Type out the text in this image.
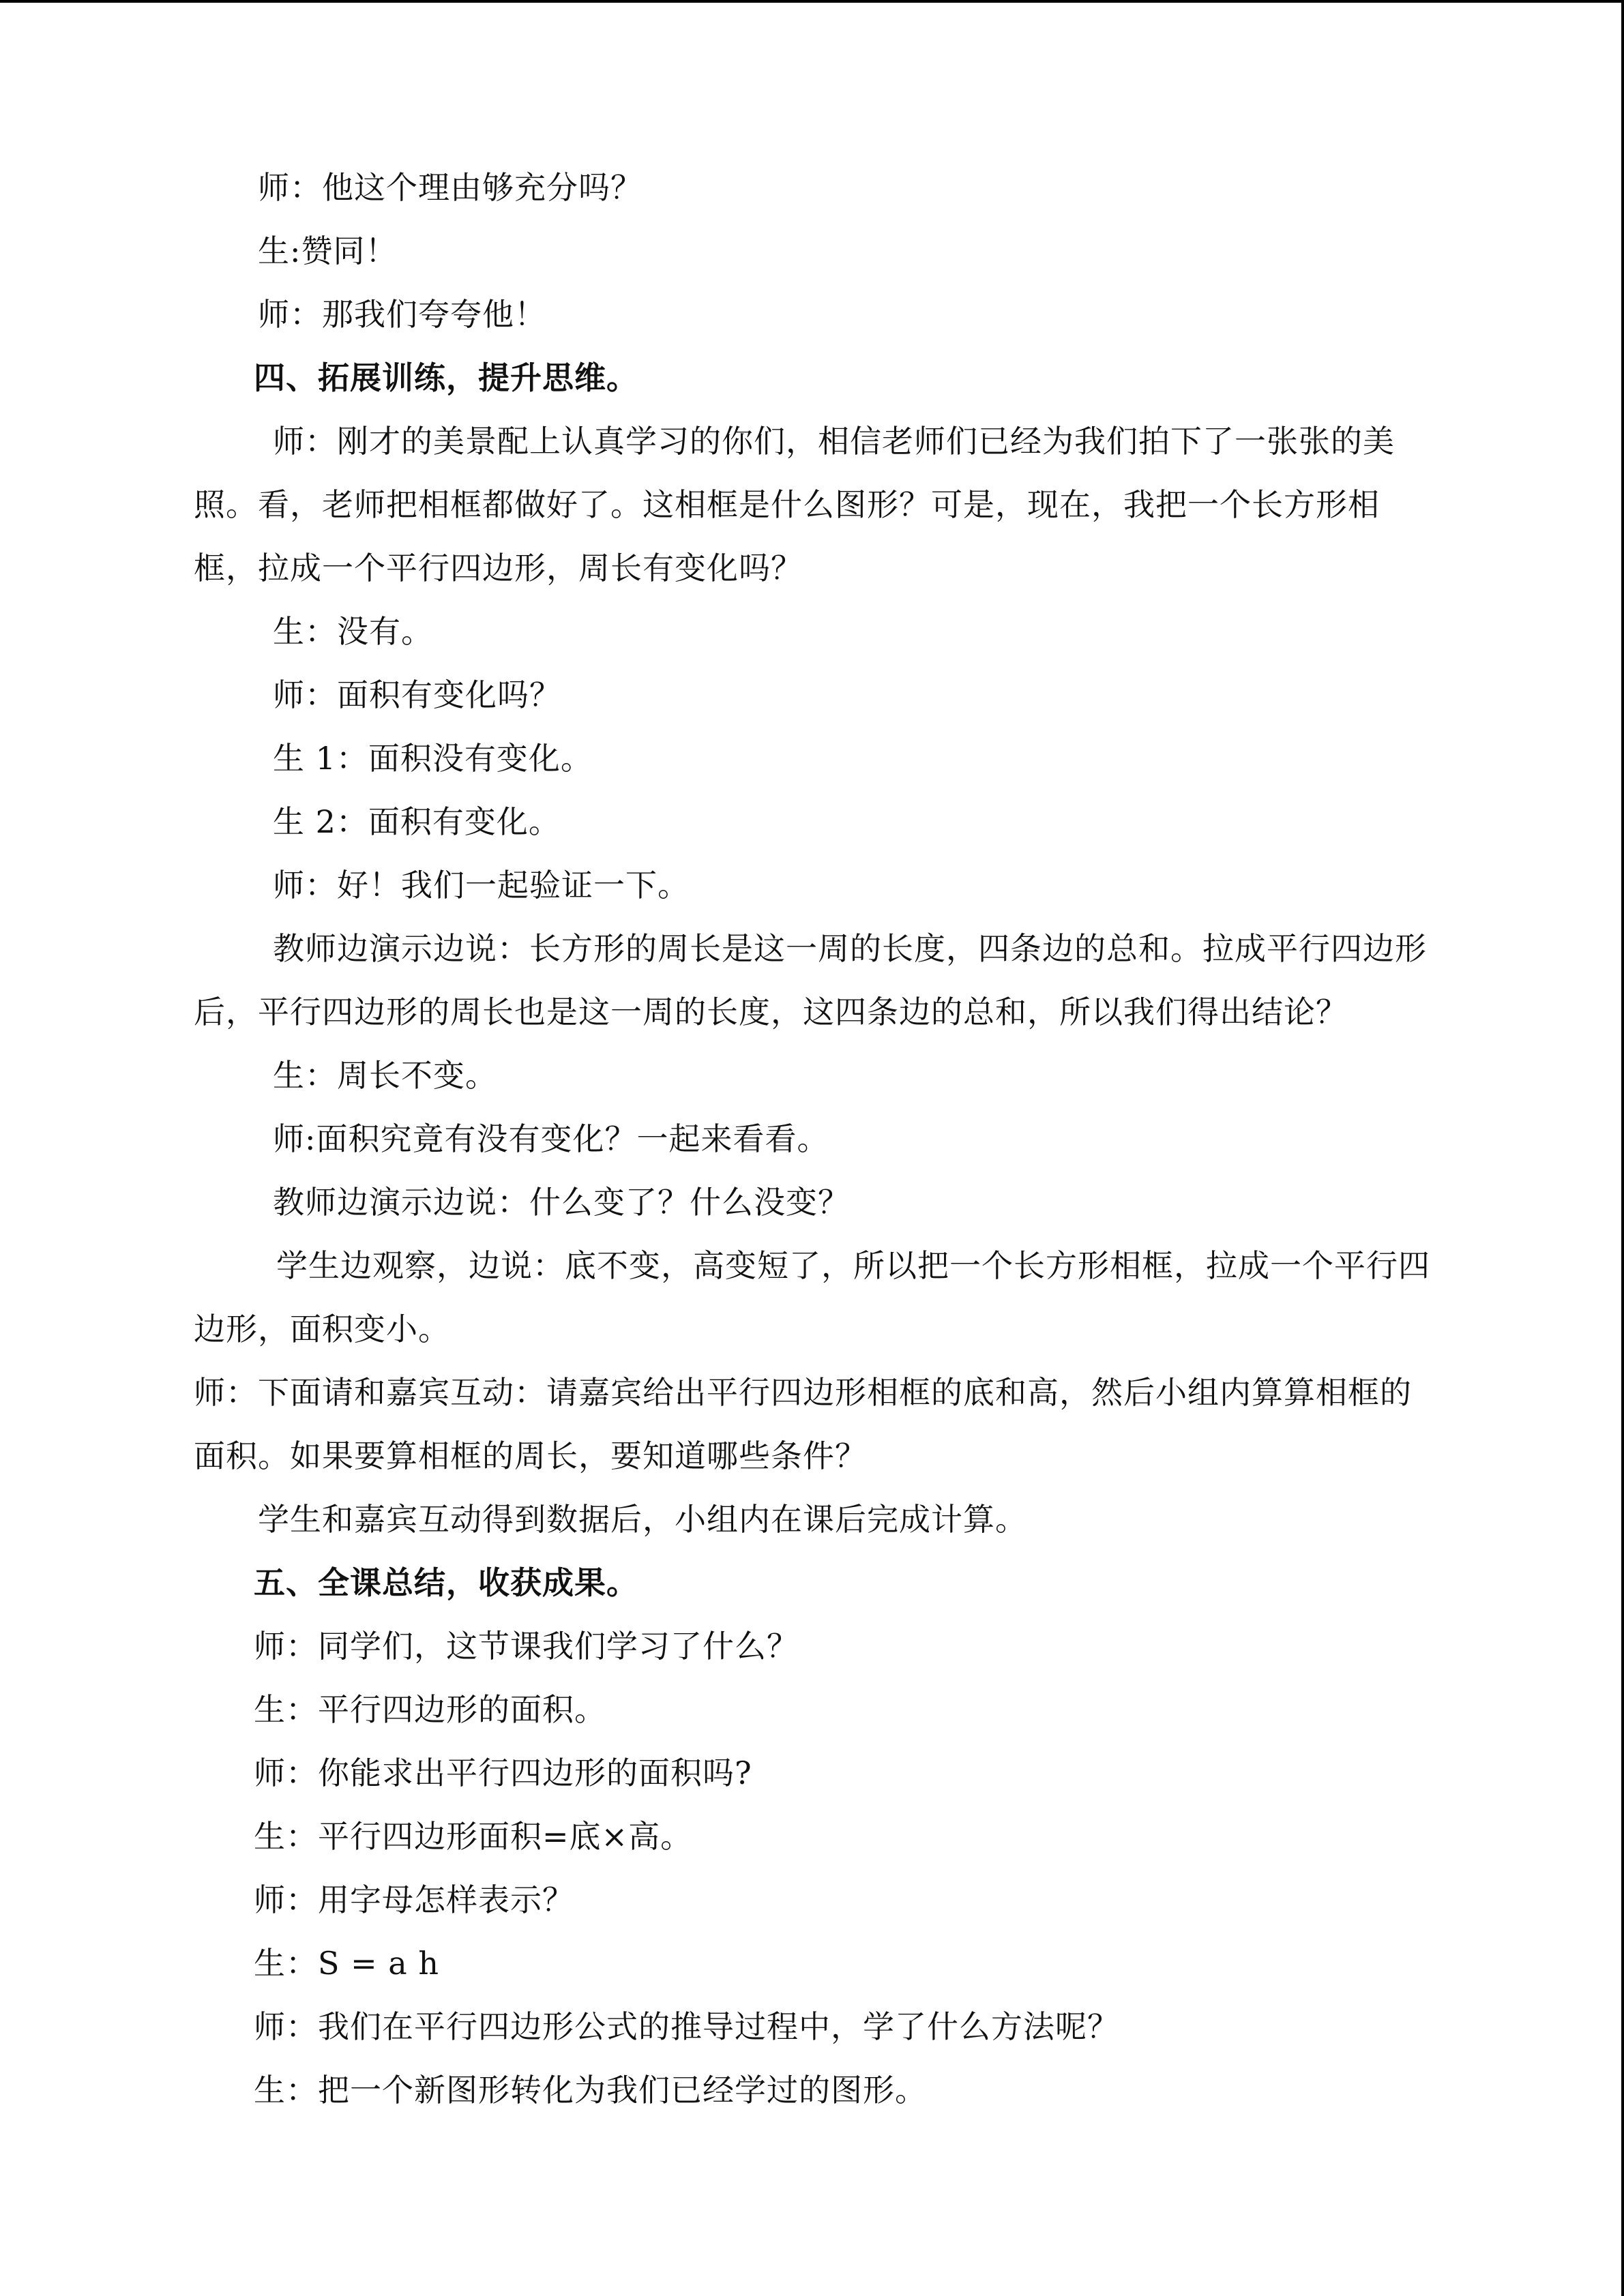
师：他这个理由够充分吗？
生:赞同！
师：那我们夸夸他！
四、拓展训练，提升思维。
师：刚才的美景配上认真学习的你们，相信老师们已经为我们拍下了一张张的美
照。看，老师把相框都做好了。这相框是什么图形？可是，现在，我把一个长方形相
框，拉成一个平行四边形，周长有变化吗？
生：没有。
师：面积有变化吗？
生 1：面积没有变化。
生 2：面积有变化。
师：好！我们一起验证一下。
教师边演示边说：长方形的周长是这一周的长度，四条边的总和。拉成平行四边形
后，平行四边形的周长也是这一周的长度，这四条边的总和，所以我们得出结论？
生：周长不变。
师:面积究竟有没有变化？一起来看看。
教师边演示边说：什么变了？什么没变？
学生边观察，边说：底不变，高变短了，所以把一个长方形相框，拉成一个平行四
边形，面积变小。
师：下面请和嘉宾互动：请嘉宾给出平行四边形相框的底和高，然后小组内算算相框的
面积。如果要算相框的周长，要知道哪些条件？
学生和嘉宾互动得到数据后，小组内在课后完成计算。
五、全课总结，收获成果。
师：同学们，这节课我们学习了什么？
生：平行四边形的面积。
师：你能求出平行四边形的面积吗?
生：平行四边形面积=底×高。
师：用字母怎样表示？
生：S = a h
师：我们在平行四边形公式的推导过程中，学了什么方法呢？
生：把一个新图形转化为我们已经学过的图形。
